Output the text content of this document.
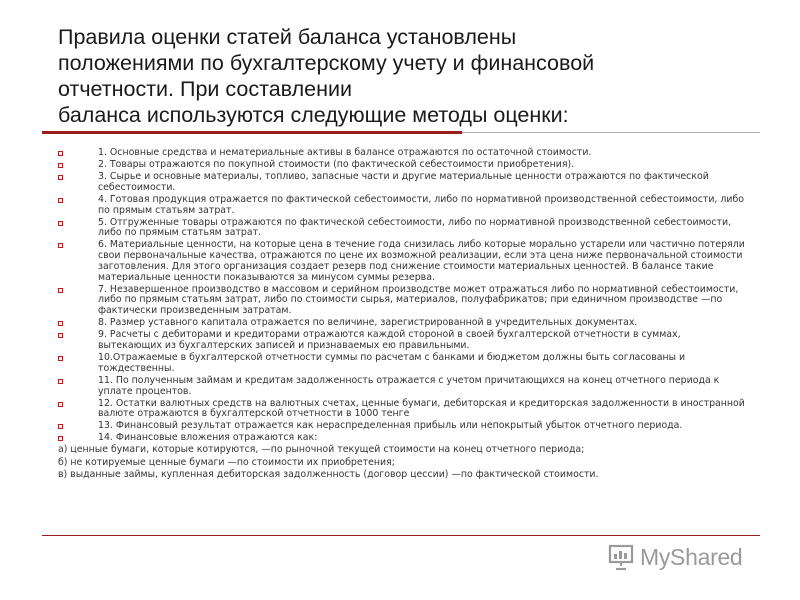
Правила оценки статей баланса установлены
положениями по бухгалтерскому учету и финансовой
отчетности. При составлении
баланса используются следующие методы оценки:
1. Основные средства и нематериальные активы в балансе отражаются по остаточной стоимости.
2. Товары отражаются по покупной стоимости (по фактической себестоимости приобретения).
3. Сырье и основные материалы, топливо, запасные части и другие материальные ценности отражаются по фактической себестоимости.
4. Готовая продукция отражается по фактической себестоимости, либо по нормативной производственной себестоимости, либо по прямым статьям затрат.
5. Отгруженные товары отражаются по фактической себестоимости, либо по нормативной производственной себестоимости, либо по прямым статьям затрат.
6. Материальные ценности, на которые цена в течение года снизилась либо которые морально устарели или частично потеряли свои первоначальные качества, отражаются по цене их возможной реализации, если эта цена ниже первоначальной стоимости заготовления. Для этого организация создает резерв под снижение стоимости материальных ценностей. В балансе такие материальные ценности показываются за минусом суммы резерва.
7. Незавершенное производство в массовом и серийном производстве может отражаться либо по нормативной себестоимости, либо по прямым статьям затрат, либо по стоимости сырья, материалов, полуфабрикатов; при единичном производстве —по фактически произведенным затратам.
8. Размер уставного капитала отражается по величине, зарегистрированной в учредительных документах.
9. Расчеты с дебиторами и кредиторами отражаются каждой стороной в своей бухгалтерской отчетности в суммах, вытекающих из бухгалтерских записей и признаваемых ею правильными.
10.Отражаемые в бухгалтерской отчетности суммы по расчетам с банками и бюджетом должны быть согласованы и тождественны.
11. По полученным займам и кредитам задолженность отражается с учетом причитающихся на конец отчетного периода к уплате процентов.
12. Остатки валютных средств на валютных счетах, ценные бумаги, дебиторская и кредиторская задолженности в иностранной валюте отражаются в бухгалтерской отчетности в 1000 тенге
13. Финансовый результат отражается как нераспределенная прибыль или непокрытый убыток отчетного периода.
14. Финансовые вложения отражаются как:
а) ценные бумаги, которые котируются, —по рыночной текущей стоимости на конец отчетного периода;
б) не котируемые ценные бумаги —по стоимости их приобретения;
в) выданные займы, купленная дебиторская задолженность (договор цессии) —по фактической стоимости.
MyShared
